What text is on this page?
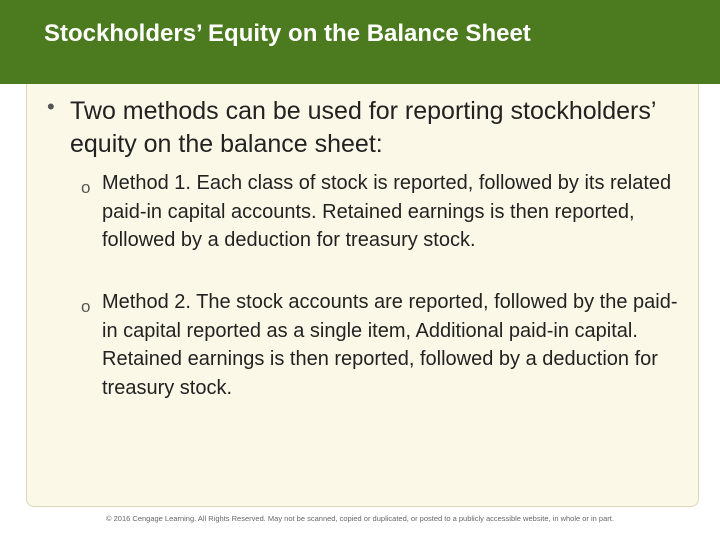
Stockholders’ Equity on the Balance Sheet
• Two methods can be used for reporting stockholders’ equity on the balance sheet:
o Method 1. Each class of stock is reported, followed by its related paid-in capital accounts. Retained earnings is then reported, followed by a deduction for treasury stock.
o Method 2. The stock accounts are reported, followed by the paid-in capital reported as a single item, Additional paid-in capital. Retained earnings is then reported, followed by a deduction for treasury stock.
© 2016 Cengage Learning. All Rights Reserved. May not be scanned, copied or duplicated, or posted to a publicly accessible website, in whole or in part.
